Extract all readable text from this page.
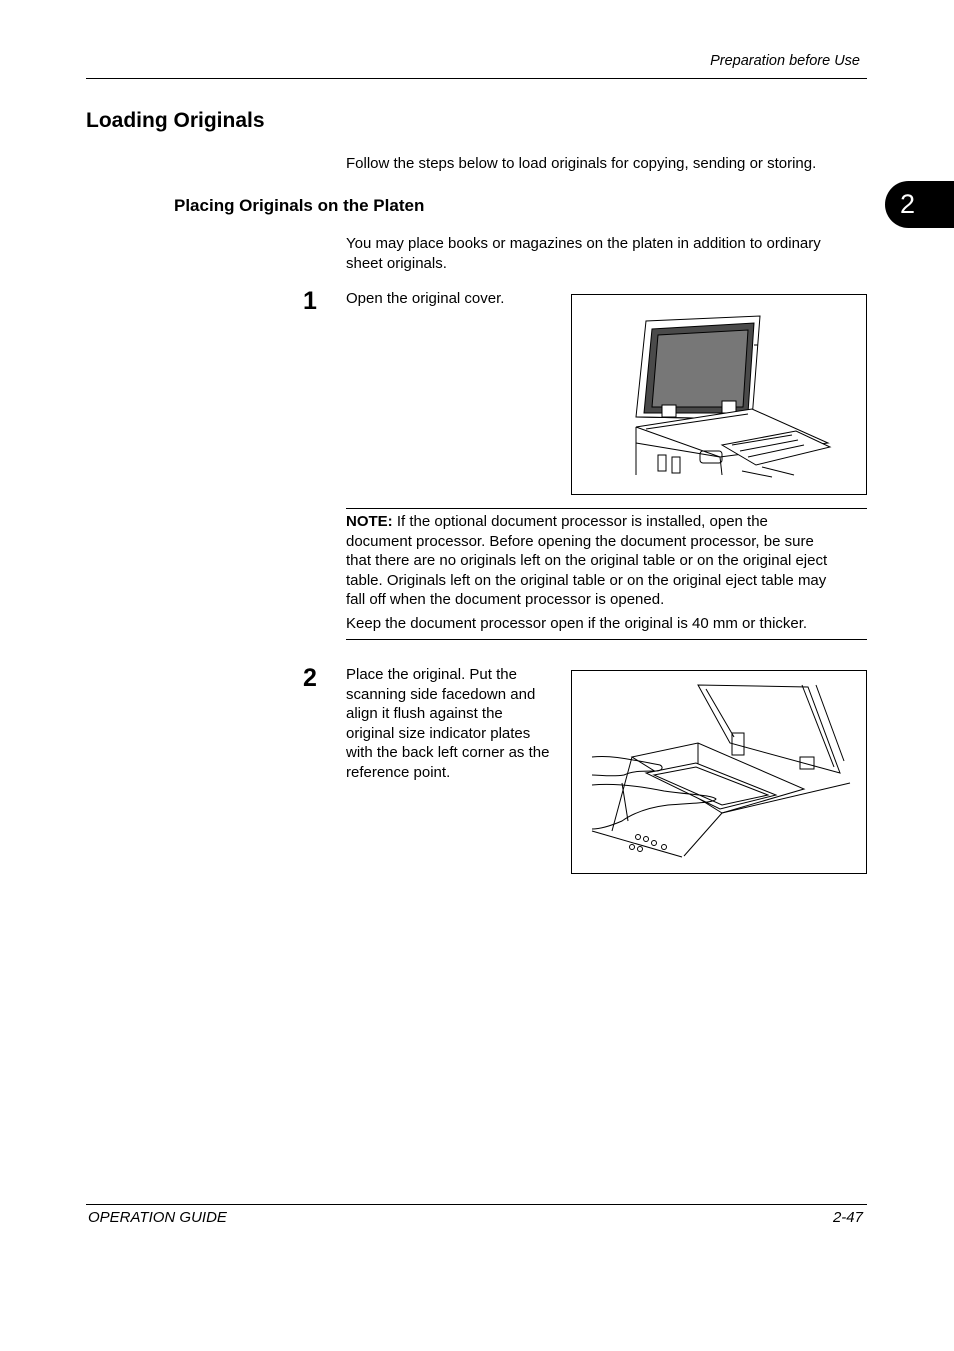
Preparation before Use
2
Loading Originals
Follow the steps below to load originals for copying, sending or storing.
Placing Originals on the Platen
You may place books or magazines on the platen in addition to ordinary
sheet originals.
1 Open the original cover.
NOTE: If the optional document processor is installed, open the
document processor. Before opening the document processor, be sure
that there are no originals left on the original table or on the original eject
table. Originals left on the original table or on the original eject table may
fall off when the document processor is opened.
Keep the document processor open if the original is 40 mm or thicker.
2 Place the original. Put the
scanning side facedown and
align it flush against the
original size indicator plates
with the back left corner as the
reference point.
OPERATION GUIDE	2-47
